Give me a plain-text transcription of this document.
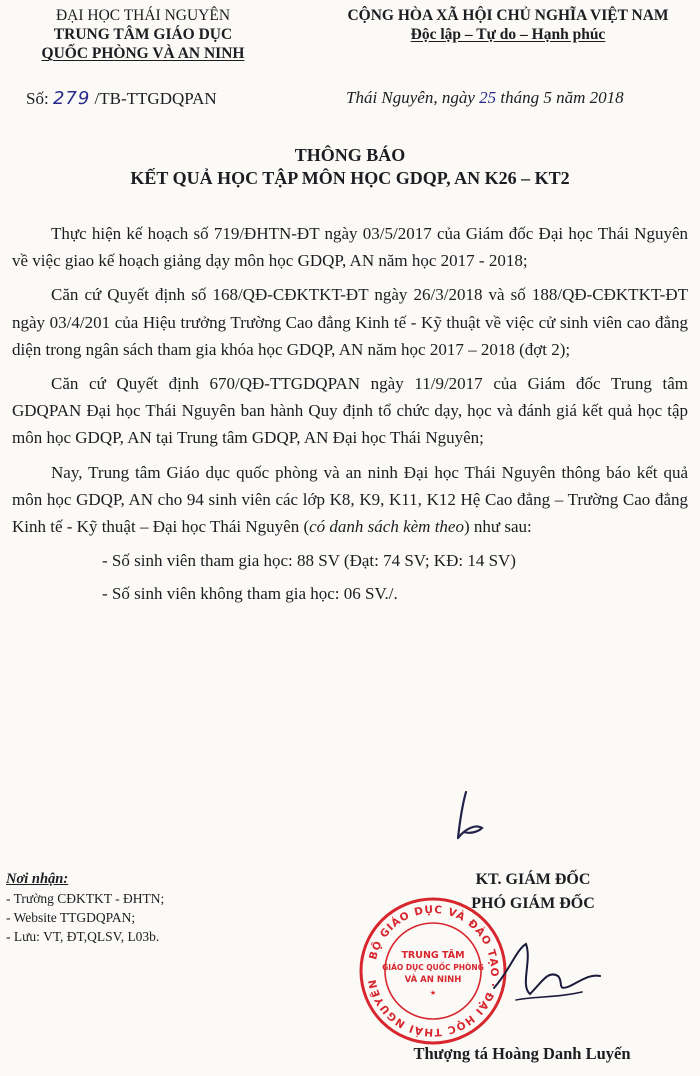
ĐẠI HỌC THÁI NGUYÊN
TRUNG TÂM GIÁO DỤC
QUỐC PHÒNG VÀ AN NINH
CỘNG HÒA XÃ HỘI CHỦ NGHĨA VIỆT NAM
Độc lập – Tự do – Hạnh phúc
Số: 279 /TB-TTGDQPAN	Thái Nguyên, ngày 25 tháng 5 năm 2018
THÔNG BÁO
KẾT QUẢ HỌC TẬP MÔN HỌC GDQP, AN K26 – KT2

Thực hiện kế hoạch số 719/ĐHTN-ĐT ngày 03/5/2017 của Giám đốc Đại học Thái Nguyên về việc giao kế hoạch giảng dạy môn học GDQP, AN năm học 2017 - 2018;

Căn cứ Quyết định số 168/QĐ-CĐKTKT-ĐT ngày 26/3/2018 và số 188/QĐ-CĐKTKT-ĐT ngày 03/4/201 của Hiệu trưởng Trường Cao đẳng Kinh tế - Kỹ thuật về việc cử sinh viên cao đẳng diện trong ngân sách tham gia khóa học GDQP, AN năm học 2017 – 2018 (đợt 2);

Căn cứ Quyết định 670/QĐ-TTGDQPAN ngày 11/9/2017 của Giám đốc Trung tâm GDQPAN Đại học Thái Nguyên ban hành Quy định tổ chức dạy, học và đánh giá kết quả học tập môn học GDQP, AN tại Trung tâm GDQP, AN Đại học Thái Nguyên;

Nay, Trung tâm Giáo dục quốc phòng và an ninh Đại học Thái Nguyên thông báo kết quả môn học GDQP, AN cho 94 sinh viên các lớp K8, K9, K11, K12 Hệ Cao đẳng – Trường Cao đẳng Kinh tế - Kỹ thuật – Đại học Thái Nguyên (có danh sách kèm theo) như sau:

- Số sinh viên tham gia học: 88 SV (Đạt: 74 SV; KĐ: 14 SV)

- Số sinh viên không tham gia học: 06 SV./.

Nơi nhận:
- Trường CĐKTKT - ĐHTN;
- Website TTGDQPAN;
- Lưu: VT, ĐT,QLSV, L03b.
KT. GIÁM ĐỐC
PHÓ GIÁM ĐỐC
BỘ GIÁO DỤC VÀ ĐÀO TẠO · ĐẠI HỌC THÁI NGUYÊN
TRUNG TÂM
GIÁO DỤC QUỐC PHÒNG
VÀ AN NINH
★
Thượng tá Hoàng Danh Luyến
